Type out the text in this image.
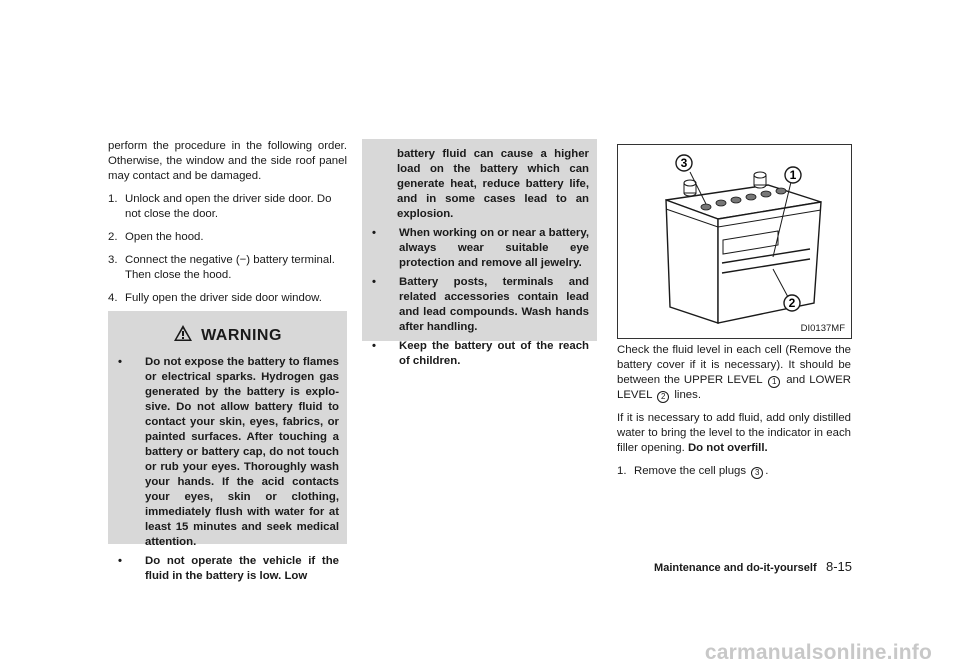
perform the procedure in the following order. Otherwise, the window and the side roof panel may contact and be damaged.

1. Unlock and open the driver side door. Do not close the door.
2. Open the hood.
3. Connect the negative (−) battery terminal. Then close the hood.
4. Fully open the driver side door window.
WARNING
•	Do not expose the battery to flames or electrical sparks. Hydrogen gas generated by the battery is explo-sive. Do not allow battery fluid to contact your skin, eyes, fabrics, or painted surfaces. After touching a battery or battery cap, do not touch or rub your eyes. Thoroughly wash your hands. If the acid contacts your eyes, skin or clothing, immediately flush with water for at least 15 minutes and seek medical attention.
•	Do not operate the vehicle if the fluid in the battery is low. Low
battery fluid can cause a higher load on the battery which can generate heat, reduce battery life, and in some cases lead to an explosion.
•	When working on or near a battery, always wear suitable eye protection and remove all jewelry.
•	Battery posts, terminals and related accessories contain lead and lead compounds. Wash hands after handling.
•	Keep the battery out of the reach of children.
3
1
2
DI0137MF

Check the fluid level in each cell (Remove the battery cover if it is necessary). It should be between the UPPER LEVEL 1 and LOWER LEVEL 2 lines.

If it is necessary to add fluid, add only distilled water to bring the level to the indicator in each filler opening. Do not overfill.

1. Remove the cell plugs 3 .
Maintenance and do-it-yourself 8-15
carmanualsonline.info
